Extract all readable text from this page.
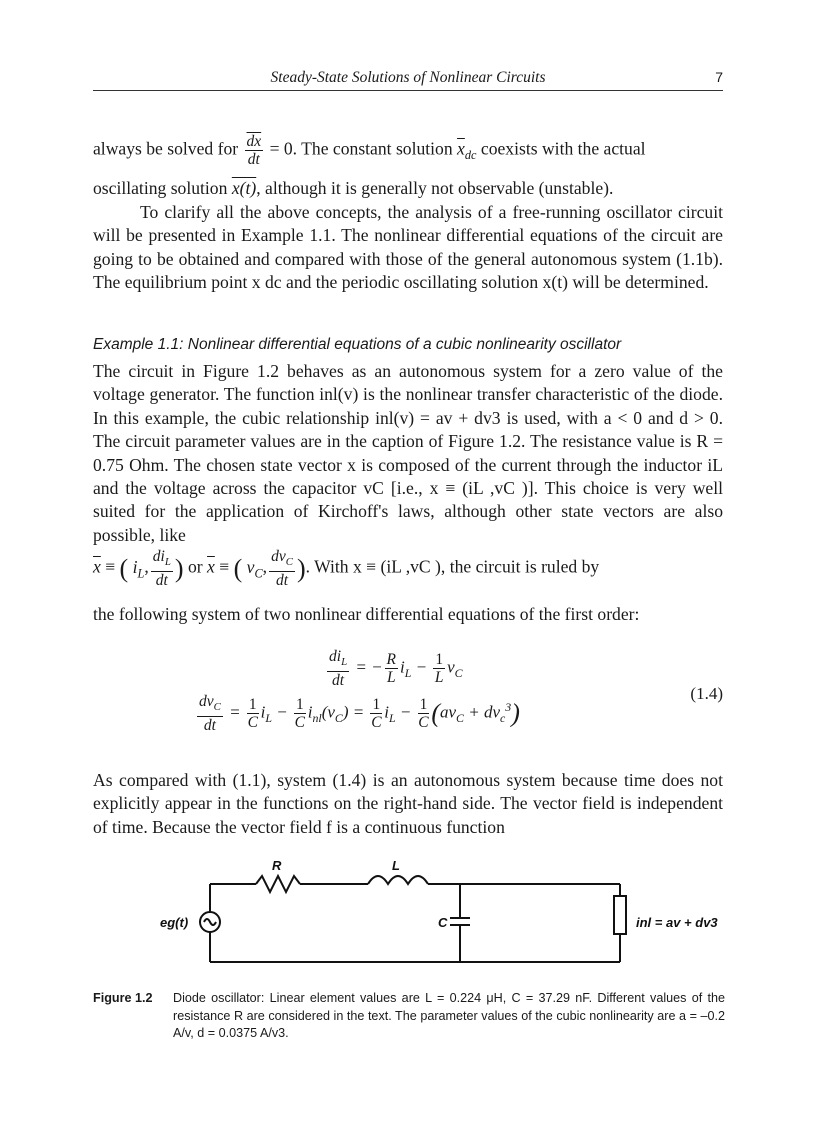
Steady-State Solutions of Nonlinear Circuits	7
always be solved for $\frac{\overline{dx}}{dt} = 0$. The constant solution $\overline{x}_{dc}$ coexists with the actual
oscillating solution x(t), although it is generally not observable (unstable).
To clarify all the above concepts, the analysis of a free-running oscillator circuit will be presented in Example 1.1. The nonlinear differential equations of the circuit are going to be obtained and compared with those of the general autonomous system (1.1b). The equilibrium point x dc and the periodic oscillating solution x(t) will be determined.
Example 1.1: Nonlinear differential equations of a cubic nonlinearity oscillator
The circuit in Figure 1.2 behaves as an autonomous system for a zero value of the voltage generator. The function inl(v) is the nonlinear transfer characteristic of the diode. In this example, the cubic relationship inl(v) = av + dv3 is used, with a < 0 and d > 0. The circuit parameter values are in the caption of Figure 1.2. The resistance value is R = 0.75 Ohm. The chosen state vector x is composed of the current through the inductor iL and the voltage across the capacitor vC [i.e., x ≡ (iL ,vC )]. This choice is very well suited for the application of Kirchoff's laws, although other state vectors are also possible, like
$\overline{x}$ ≡ ( $i_L$, $\frac{di_L}{dt}$ ) or $\overline{x}$ ≡ ( $v_C$, $\frac{dv_C}{dt}$ ). With x ≡ (iL ,vC ), the circuit is ruled by
the following system of two nonlinear differential equations of the first order:
$\frac{di_L}{dt}$ = − $\frac{R}{L} i_L - \frac{1}{L} v_C$
$\frac{dv_C}{dt} = \frac{1}{C} i_L - \frac{1}{C} i_{nl}(v_C) = \frac{1}{C} i_L - \frac{1}{C} (av_C + dv_c^3)$
(1.4)
As compared with (1.1), system (1.4) is an autonomous system because time does not explicitly appear in the functions on the right-hand side. The vector field is independent of time. Because the vector field f is a continuous function
R	L
C
eg(t)	inl = av + dv3
Figure 1.2 Diode oscillator: Linear element values are L = 0.224 μH, C = 37.29 nF. Different values of the resistance R are considered in the text. The parameter values of the cubic nonlinearity are a = –0.2 A/v, d = 0.0375 A/v3.
